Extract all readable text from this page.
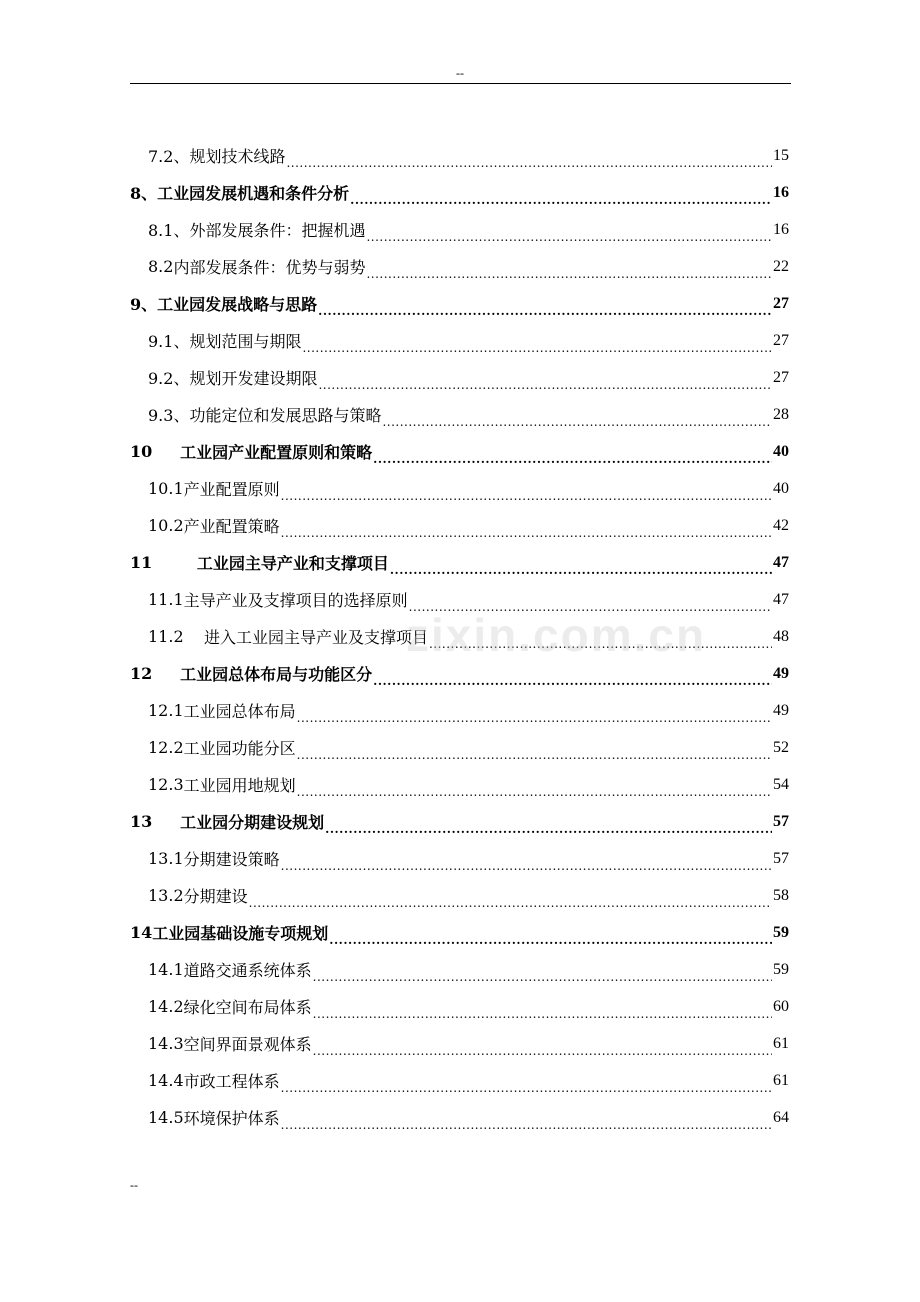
--
7.2、 规划技术线路 .....	15
8、 工业园发展机遇和条件分析 .....	16
8.1、 外部发展条件：把握机遇 .....	16
8.2 内部发展条件：优势与弱势 .....	22
9、 工业园发展战略与思路 .....	27
9.1、 规划范围与期限 .....	27
9.2、 规划开发建设期限 .....	27
9.3、 功能定位和发展思路与策略 .....	28
10 工业园产业配置原则和策略 .....	40
10.1 产业配置原则 .....	40
10.2 产业配置策略 .....	42
11 工业园主导产业和支撑项目 .....	47
11.1 主导产业及支撑项目的选择原则 .....	47
11.2 进入工业园主导产业及支撑项目 .....	48
12 工业园总体布局与功能区分 .....	49
12.1 工业园总体布局 .....	49
12.2 工业园功能分区 .....	52
12.3 工业园用地规划 .....	54
13 工业园分期建设规划 .....	57
13.1 分期建设策略 .....	57
13.2 分期建设 .....	58
14 工业园基础设施专项规划 .....	59
14.1 道路交通系统体系 .....	59
14.2 绿化空间布局体系 .....	60
14.3 空间界面景观体系 .....	61
14.4 市政工程体系 .....	61
14.5 环境保护体系 .....	64
zixin.com.cn
--
